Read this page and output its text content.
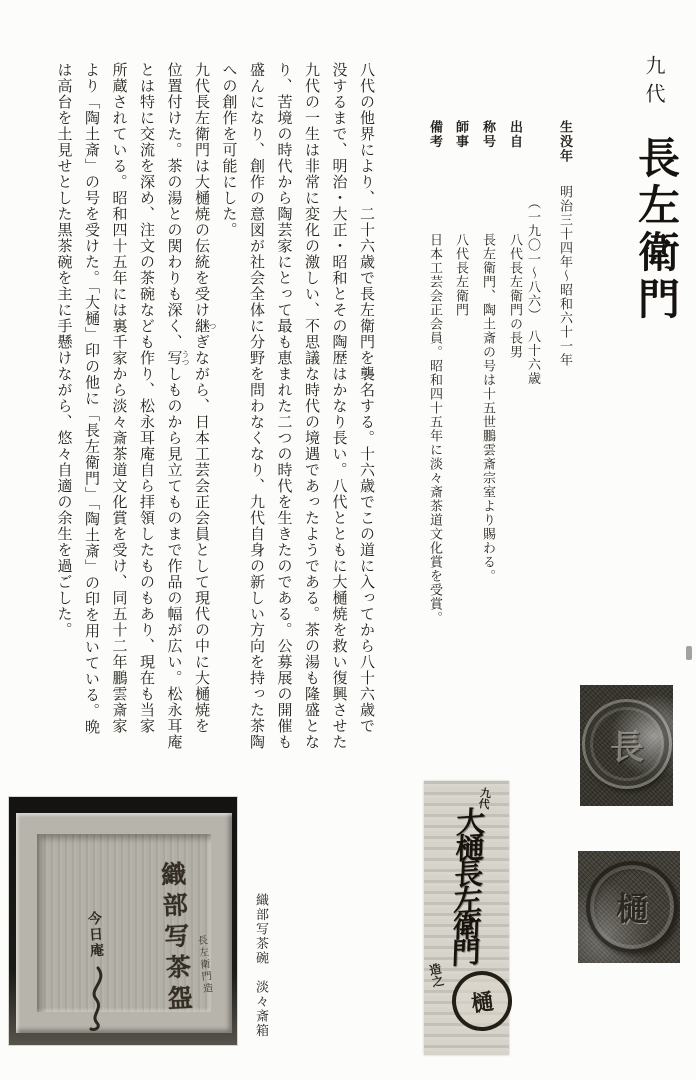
九代
長左衛門
生没年
明治三十四年～昭和六十一年
（一九〇一～八六）　八十六歳
出自
八代長左衛門の長男
称号
長左衛門、陶土斎の号は十五世鵬雲斎宗室より賜わる。
師事
八代長左衛門
備考
日本工芸会正会員。昭和四十五年に淡々斎茶道文化賞を受賞。
八代の他界により、二十六歳で長左衛門を襲名する。十六歳でこの道に入ってから八十六歳で
没するまで、明治・大正・昭和とその陶歴はかなり長い。八代とともに大樋焼を救い復興させた
九代の一生は非常に変化の激しい、不思議な時代の境遇であったようである。茶の湯も隆盛とな
り、苦境の時代から陶芸家にとって最も恵まれた二つの時代を生きたのである。公募展の開催も
盛んになり、創作の意図が社会全体に分野を問わなくなり、九代自身の新しい方向を持った茶陶
への創作を可能にした。
九代長左衛門は大樋焼の伝統を受け継ぎながら、日本工芸会正会員として現代の中に大樋焼を
位置付けた。茶の湯との関わりも深く、写しものから見立てものまで作品の幅が広い。松永耳庵
とは特に交流を深め、注文の茶碗なども作り、松永耳庵自ら拝領したものもあり、現在も当家
所蔵されている。昭和四十五年には裏千家から淡々斎茶道文化賞を受け、同五十二年鵬雲斎家
より「陶土斎」の号を受けた。「大樋」印の他に「長左衛門」「陶土斎」の印を用いている。晩
は高台を土見せとした黒茶碗を主に手懸けながら、悠々自適の余生を過ごした。	つ
うつ
織部写茶盌 長左衛門造
今日庵	織部写茶碗　淡々斎箱
九代
大樋長左衛門
造之
樋
長
樋
